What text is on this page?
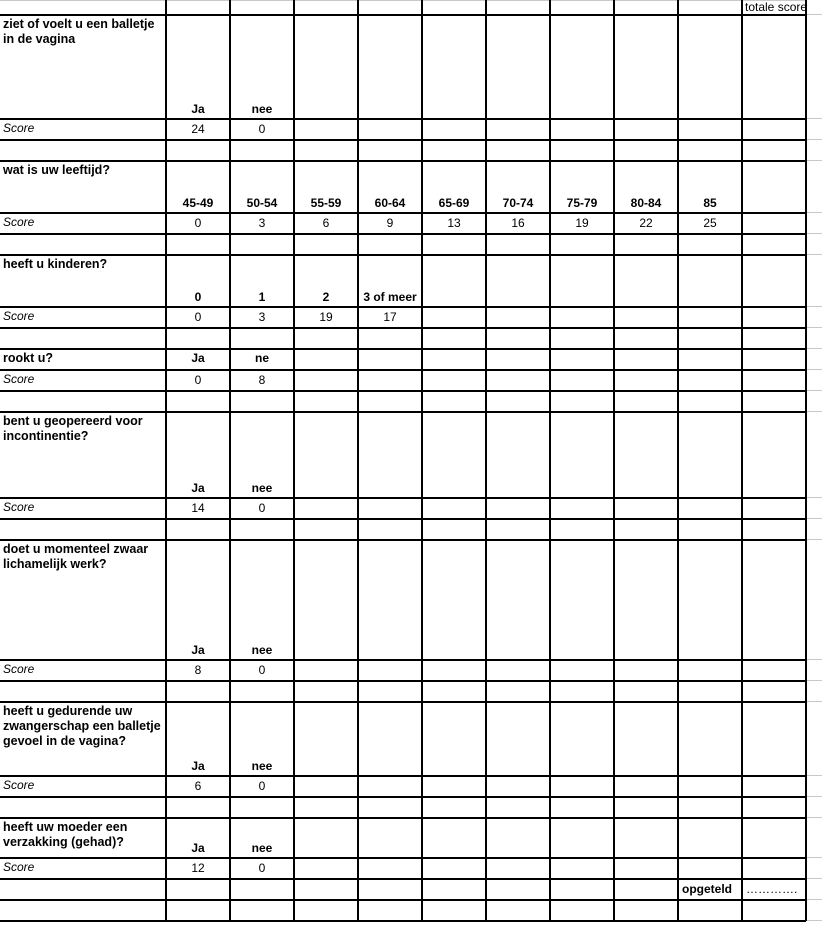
totale score
ziet of voelt u een balletje in de vagina
Ja	nee
Score	24	0
wat is uw leeftijd?
45-49	50-54	55-59	60-64	65-69	70-74	75-79	80-84	85
Score	0	3	6	9	13	16	19	22	25
heeft u kinderen?
0	1	2	3 of meer
Score	0	3	19	17
rookt u?	Ja	ne
Score	0	8
bent u geopereerd voor incontinentie?
Ja	nee
Score	14	0
doet u momenteel zwaar lichamelijk werk?
Ja	nee
Score	8	0
heeft u gedurende uw zwangerschap een balletje gevoel in de vagina?
Ja	nee
Score	6	0
heeft uw moeder een verzakking (gehad)?	Ja	nee
Score	12	0
opgeteld	………….
